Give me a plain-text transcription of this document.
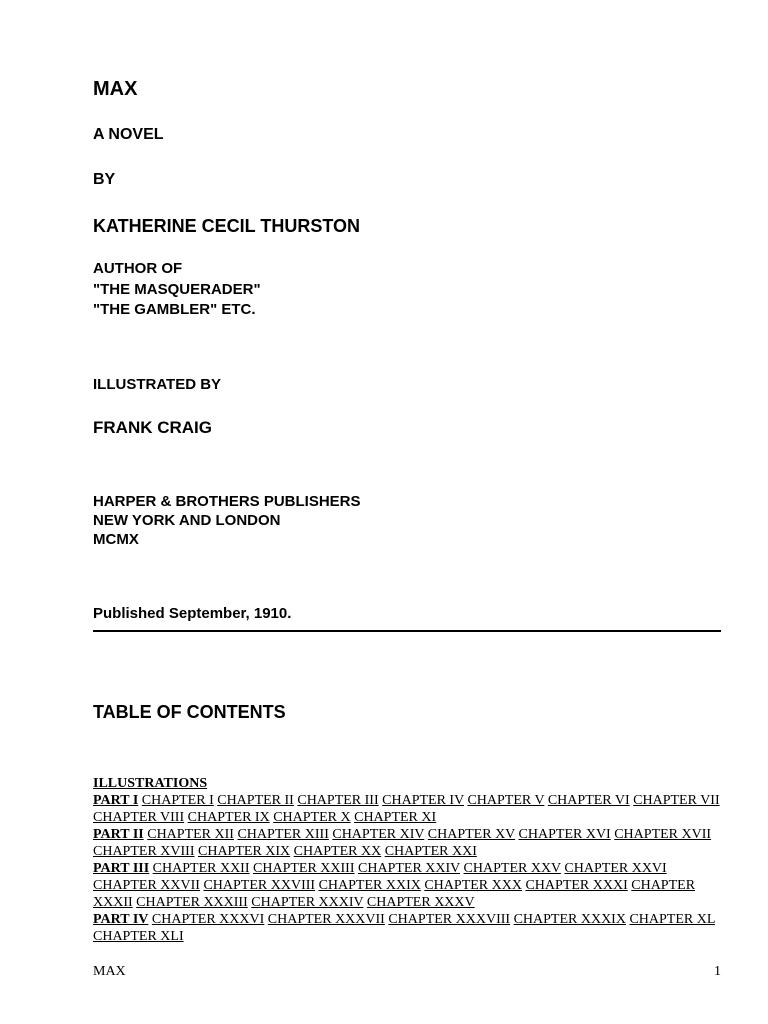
MAX
A NOVEL
BY
KATHERINE CECIL THURSTON
AUTHOR OF
"THE MASQUERADER"
"THE GAMBLER" ETC.
ILLUSTRATED BY
FRANK CRAIG
HARPER & BROTHERS PUBLISHERS
NEW YORK AND LONDON
MCMX
Published September, 1910.
TABLE OF CONTENTS
ILLUSTRATIONS
PART I CHAPTER I CHAPTER II CHAPTER III CHAPTER IV CHAPTER V CHAPTER VI CHAPTER VII CHAPTER VIII CHAPTER IX CHAPTER X CHAPTER XI
PART II CHAPTER XII CHAPTER XIII CHAPTER XIV CHAPTER XV CHAPTER XVI CHAPTER XVII CHAPTER XVIII CHAPTER XIX CHAPTER XX CHAPTER XXI
PART III CHAPTER XXII CHAPTER XXIII CHAPTER XXIV CHAPTER XXV CHAPTER XXVI CHAPTER XXVII CHAPTER XXVIII CHAPTER XXIX CHAPTER XXX CHAPTER XXXI CHAPTER XXXII CHAPTER XXXIII CHAPTER XXXIV CHAPTER XXXV
PART IV CHAPTER XXXVI CHAPTER XXXVII CHAPTER XXXVIII CHAPTER XXXIX CHAPTER XL CHAPTER XLI
MAX	1
